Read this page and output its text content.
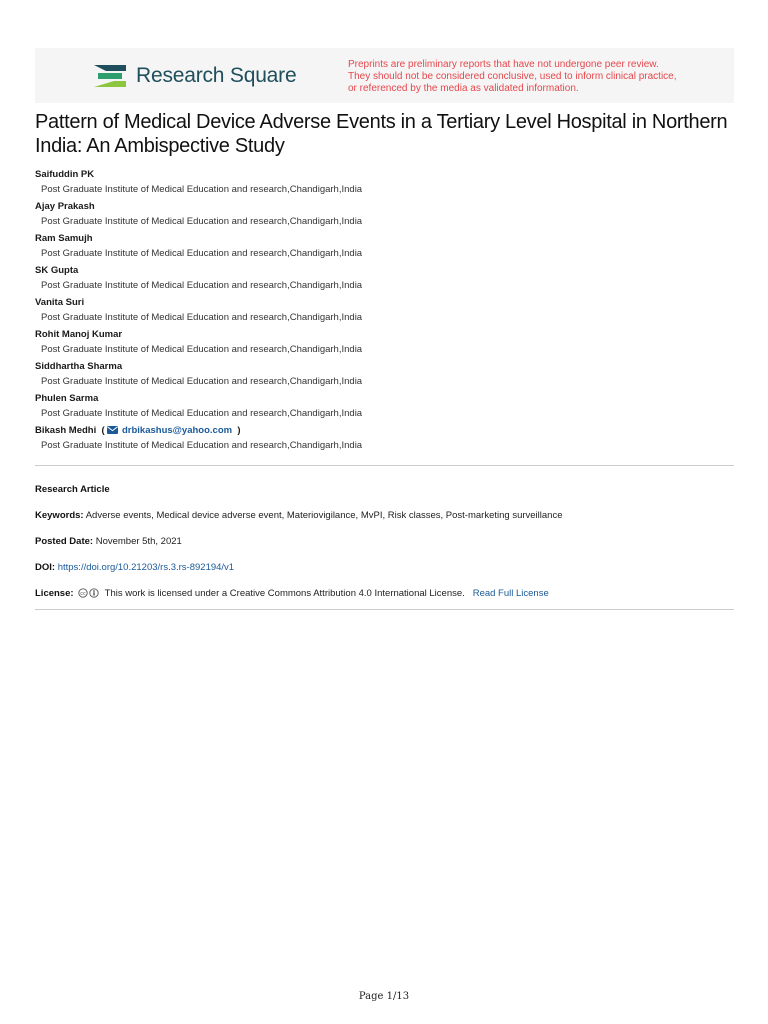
Research Square	Preprints are preliminary reports that have not undergone peer review.
They should not be considered conclusive, used to inform clinical practice,
or referenced by the media as validated information.
Pattern of Medical Device Adverse Events in a Tertiary Level Hospital in Northern India: An Ambispective Study
Saifuddin PK
Post Graduate Institute of Medical Education and research,Chandigarh,India
Ajay Prakash
Post Graduate Institute of Medical Education and research,Chandigarh,India
Ram Samujh
Post Graduate Institute of Medical Education and research,Chandigarh,India
SK Gupta
Post Graduate Institute of Medical Education and research,Chandigarh,India
Vanita Suri
Post Graduate Institute of Medical Education and research,Chandigarh,India
Rohit Manoj Kumar
Post Graduate Institute of Medical Education and research,Chandigarh,India
Siddhartha Sharma
Post Graduate Institute of Medical Education and research,Chandigarh,India
Phulen Sarma
Post Graduate Institute of Medical Education and research,Chandigarh,India
Bikash Medhi  ( drbikashus@yahoo.com  )
Post Graduate Institute of Medical Education and research,Chandigarh,India
Research Article
Keywords: Adverse events, Medical device adverse event, Materiovigilance, MvPI, Risk classes, Post-marketing surveillance
Posted Date: November 5th, 2021
DOI: https://doi.org/10.21203/rs.3.rs-892194/v1
License: cc This work is licensed under a Creative Commons Attribution 4.0 International License. Read Full License
Page 1/13
